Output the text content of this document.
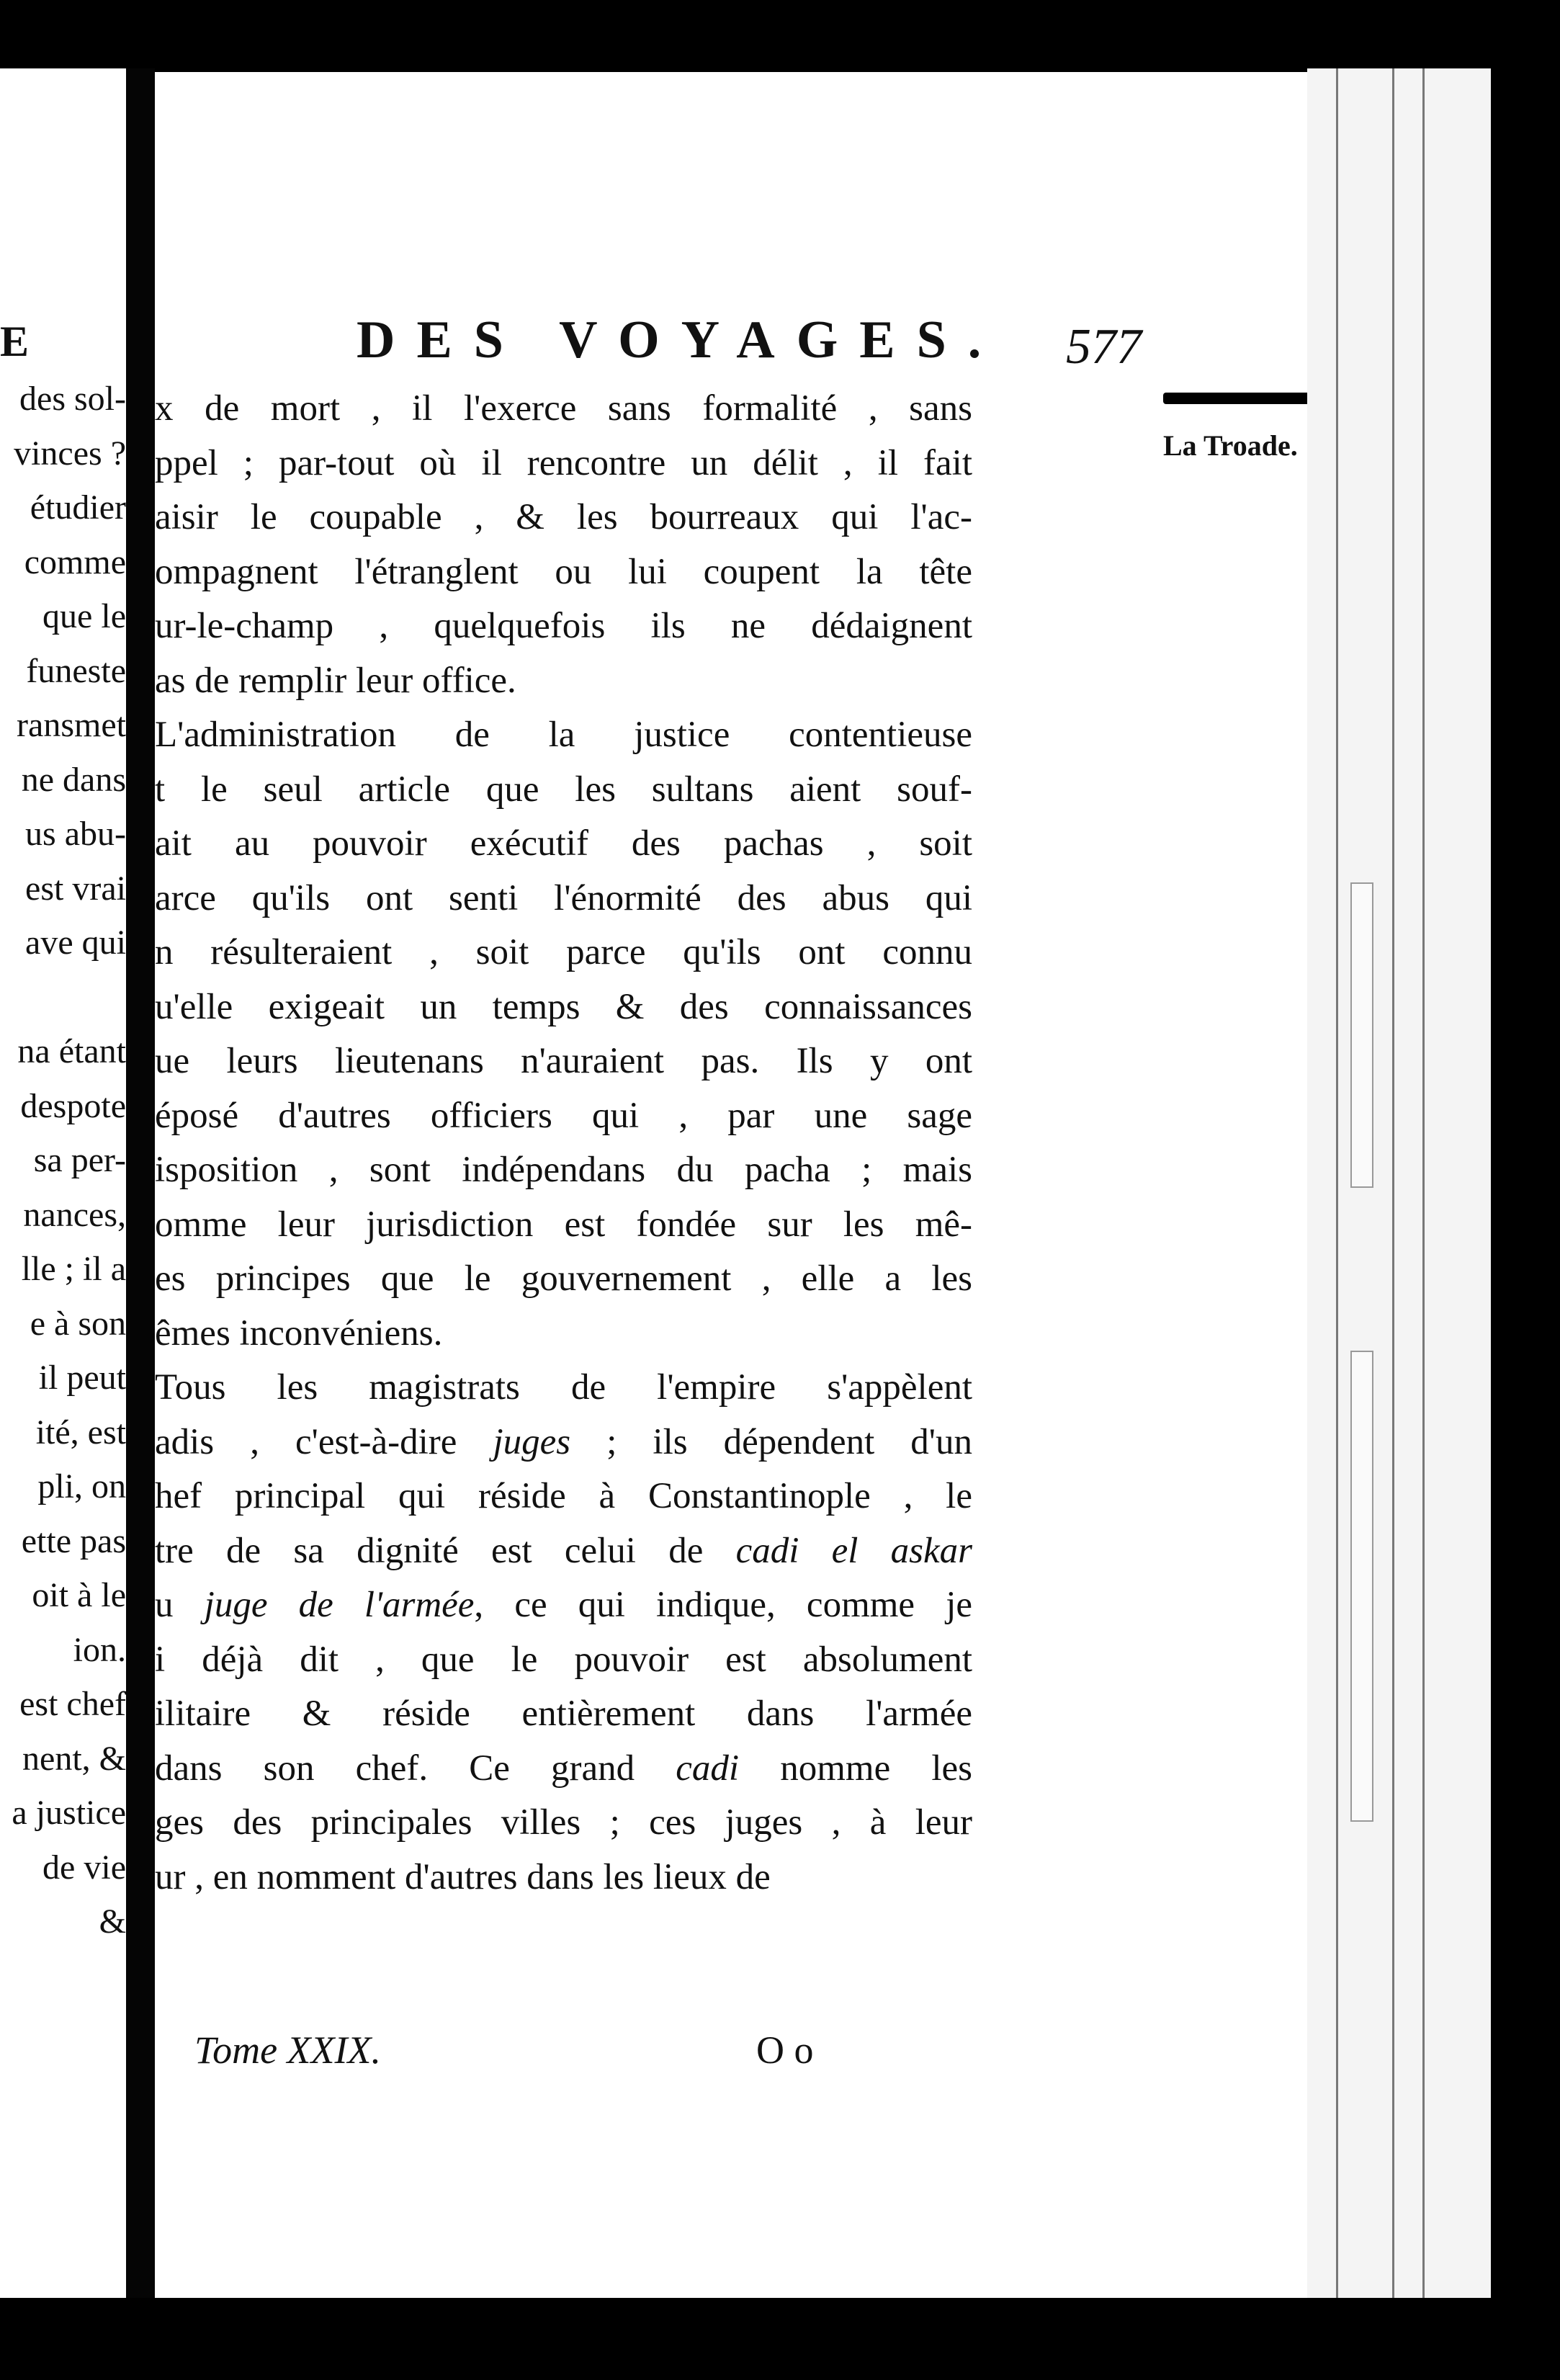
E
des sol-
vinces ?
étudier
comme
que le
funeste
ransmet
ne dans
us abu-
est vrai
ave qui
na étant
despote
sa per-
nances,
lle ; il a
e à son
il peut
ité, est
pli, on
ette pas
oit à le
ion.
est chef
nent, &
a justice
de vie
&
DES VOYAGES. 577
La Troade.
x de mort , il l'exerce sans formalité , sans
ppel ; par-tout où il rencontre un délit , il fait
aisir le coupable , & les bourreaux qui l'ac-
ompagnent l'étranglent ou lui coupent la tête
ur-le-champ , quelquefois ils ne dédaignent
as de remplir leur office.
L'administration de la justice contentieuse
t le seul article que les sultans aient souf-
ait au pouvoir exécutif des pachas , soit
arce qu'ils ont senti l'énormité des abus qui
n résulteraient , soit parce qu'ils ont connu
u'elle exigeait un temps & des connaissances
ue leurs lieutenans n'auraient pas. Ils y ont
éposé d'autres officiers qui , par une sage
isposition , sont indépendans du pacha ; mais
omme leur jurisdiction est fondée sur les mê-
es principes que le gouvernement , elle a les
êmes inconvéniens.
Tous les magistrats de l'empire s'appèlent
adis , c'est-à-dire juges ; ils dépendent d'un
hef principal qui réside à Constantinople , le
tre de sa dignité est celui de cadi el askar
u juge de l'armée, ce qui indique, comme je
i déjà dit , que le pouvoir est absolument
ilitaire & réside entièrement dans l'armée
dans son chef. Ce grand cadi nomme les
ges des principales villes ; ces juges , à leur
ur , en nomment d'autres dans les lieux de
Tome XXIX.	O o
